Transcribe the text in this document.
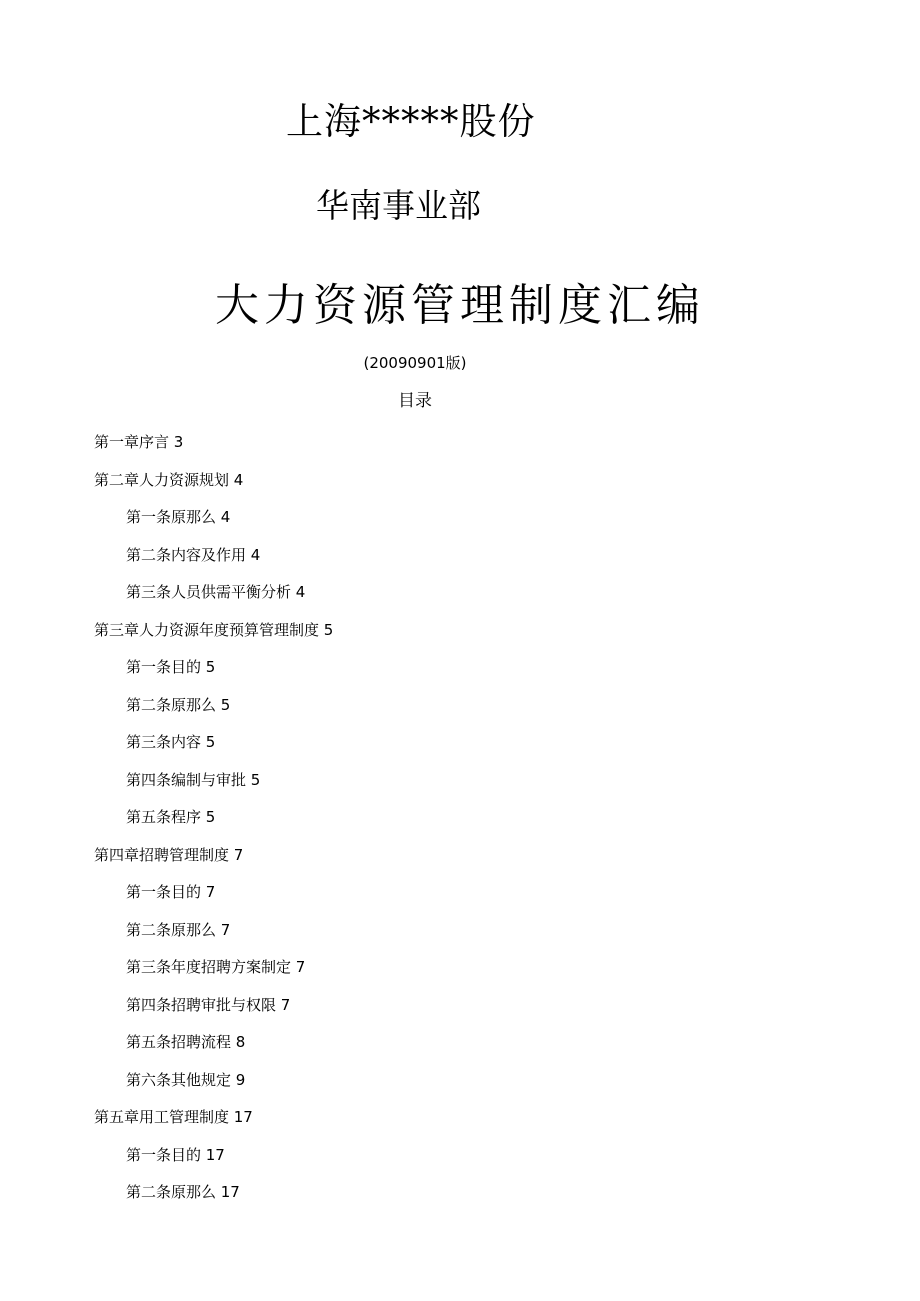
上海*****股份
华南事业部
大力资源管理制度汇编
(20090901版)
目录
第一章序言 3
第二章人力资源规划 4
第一条原那么 4
第二条内容及作用 4
第三条人员供需平衡分析 4
第三章人力资源年度预算管理制度 5
第一条目的 5
第二条原那么 5
第三条内容 5
第四条编制与审批 5
第五条程序 5
第四章招聘管理制度 7
第一条目的 7
第二条原那么 7
第三条年度招聘方案制定 7
第四条招聘审批与权限 7
第五条招聘流程 8
第六条其他规定 9
第五章用工管理制度 17
第一条目的 17
第二条原那么 17
